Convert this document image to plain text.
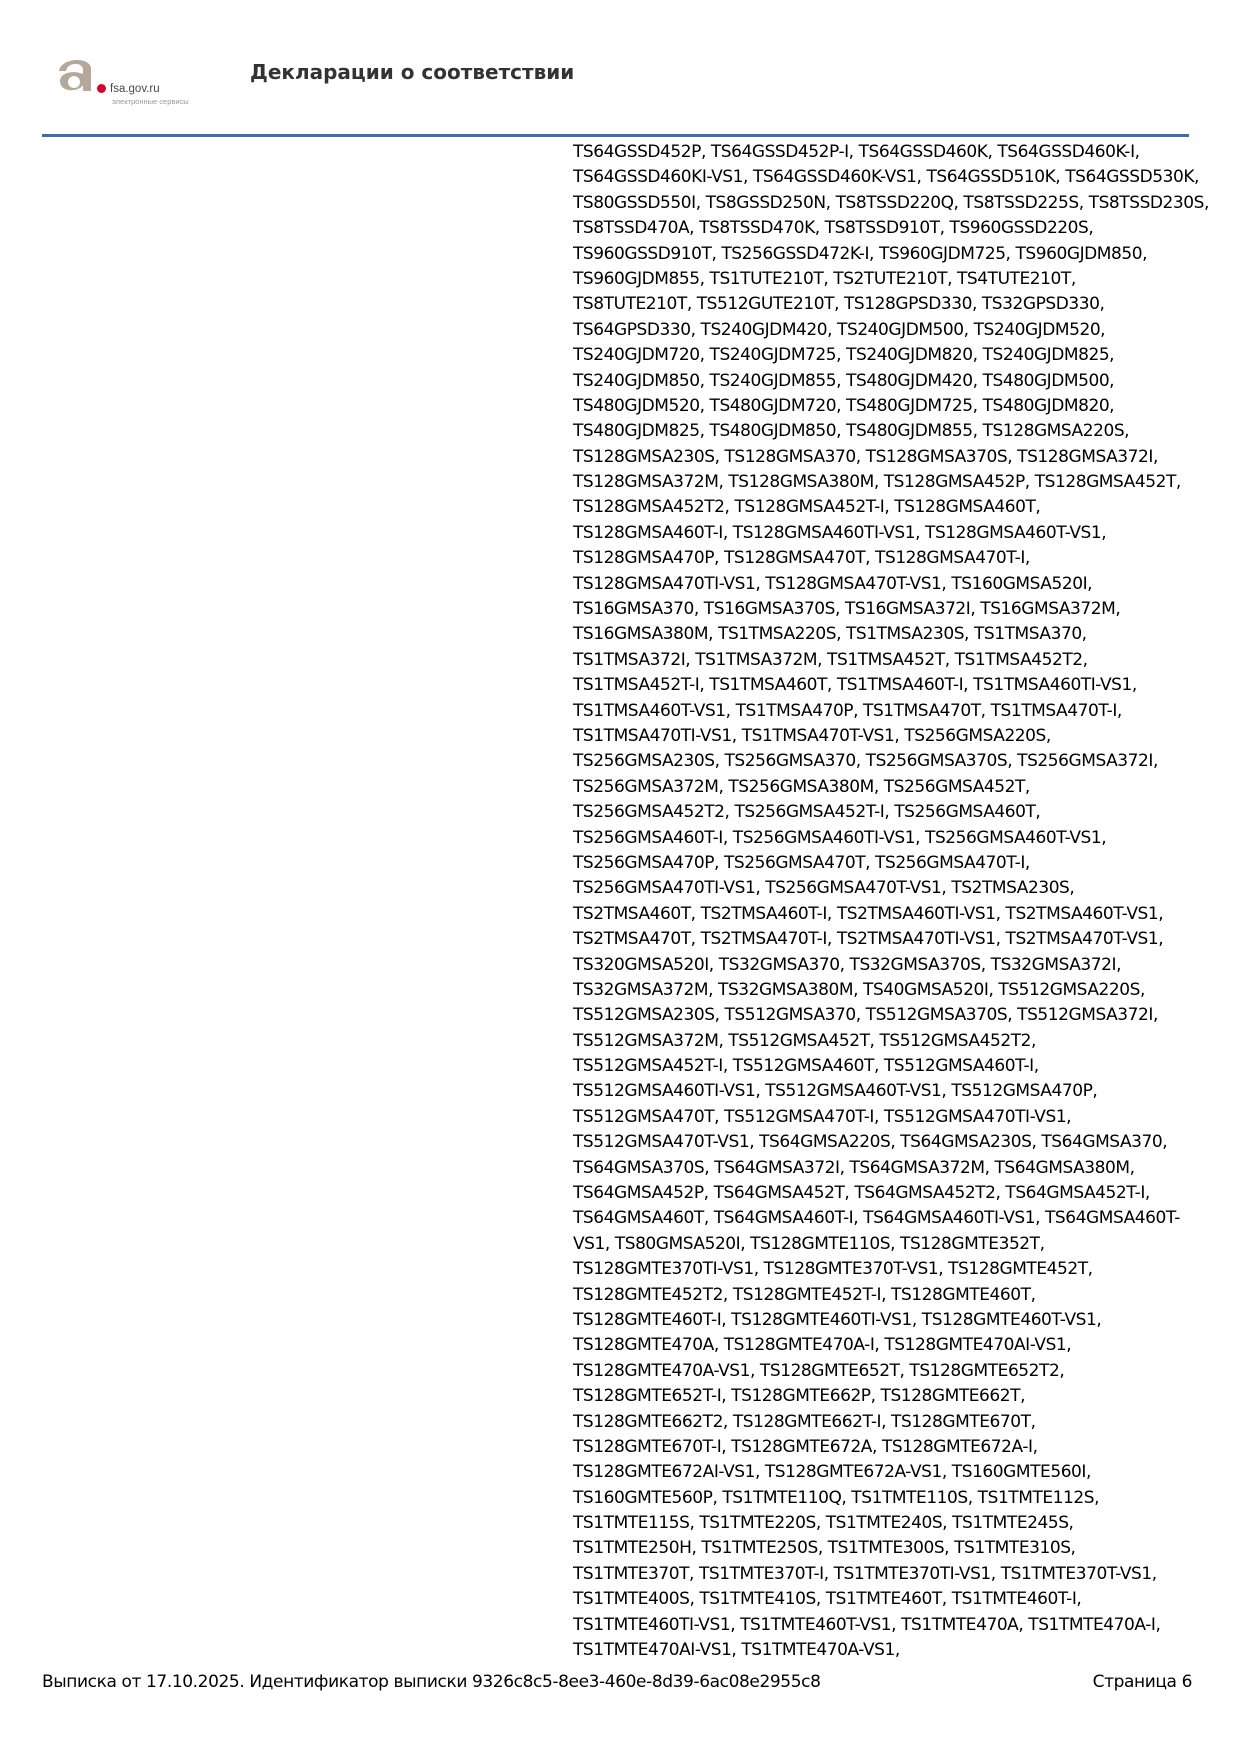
fsa.gov.ru
электронные сервисы
Декларации о соответствии
TS64GSSD452P, TS64GSSD452P-I, TS64GSSD460K, TS64GSSD460K-I,
TS64GSSD460KI-VS1, TS64GSSD460K-VS1, TS64GSSD510K, TS64GSSD530K,
TS80GSSD550I, TS8GSSD250N, TS8TSSD220Q, TS8TSSD225S, TS8TSSD230S,
TS8TSSD470A, TS8TSSD470K, TS8TSSD910T, TS960GSSD220S,
TS960GSSD910T, TS256GSSD472K-I, TS960GJDM725, TS960GJDM850,
TS960GJDM855, TS1TUTE210T, TS2TUTE210T, TS4TUTE210T,
TS8TUTE210T, TS512GUTE210T, TS128GPSD330, TS32GPSD330,
TS64GPSD330, TS240GJDM420, TS240GJDM500, TS240GJDM520,
TS240GJDM720, TS240GJDM725, TS240GJDM820, TS240GJDM825,
TS240GJDM850, TS240GJDM855, TS480GJDM420, TS480GJDM500,
TS480GJDM520, TS480GJDM720, TS480GJDM725, TS480GJDM820,
TS480GJDM825, TS480GJDM850, TS480GJDM855, TS128GMSA220S,
TS128GMSA230S, TS128GMSA370, TS128GMSA370S, TS128GMSA372I,
TS128GMSA372M, TS128GMSA380M, TS128GMSA452P, TS128GMSA452T,
TS128GMSA452T2, TS128GMSA452T-I, TS128GMSA460T,
TS128GMSA460T-I, TS128GMSA460TI-VS1, TS128GMSA460T-VS1,
TS128GMSA470P, TS128GMSA470T, TS128GMSA470T-I,
TS128GMSA470TI-VS1, TS128GMSA470T-VS1, TS160GMSA520I,
TS16GMSA370, TS16GMSA370S, TS16GMSA372I, TS16GMSA372M,
TS16GMSA380M, TS1TMSA220S, TS1TMSA230S, TS1TMSA370,
TS1TMSA372I, TS1TMSA372M, TS1TMSA452T, TS1TMSA452T2,
TS1TMSA452T-I, TS1TMSA460T, TS1TMSA460T-I, TS1TMSA460TI-VS1,
TS1TMSA460T-VS1, TS1TMSA470P, TS1TMSA470T, TS1TMSA470T-I,
TS1TMSA470TI-VS1, TS1TMSA470T-VS1, TS256GMSA220S,
TS256GMSA230S, TS256GMSA370, TS256GMSA370S, TS256GMSA372I,
TS256GMSA372M, TS256GMSA380M, TS256GMSA452T,
TS256GMSA452T2, TS256GMSA452T-I, TS256GMSA460T,
TS256GMSA460T-I, TS256GMSA460TI-VS1, TS256GMSA460T-VS1,
TS256GMSA470P, TS256GMSA470T, TS256GMSA470T-I,
TS256GMSA470TI-VS1, TS256GMSA470T-VS1, TS2TMSA230S,
TS2TMSA460T, TS2TMSA460T-I, TS2TMSA460TI-VS1, TS2TMSA460T-VS1,
TS2TMSA470T, TS2TMSA470T-I, TS2TMSA470TI-VS1, TS2TMSA470T-VS1,
TS320GMSA520I, TS32GMSA370, TS32GMSA370S, TS32GMSA372I,
TS32GMSA372M, TS32GMSA380M, TS40GMSA520I, TS512GMSA220S,
TS512GMSA230S, TS512GMSA370, TS512GMSA370S, TS512GMSA372I,
TS512GMSA372M, TS512GMSA452T, TS512GMSA452T2,
TS512GMSA452T-I, TS512GMSA460T, TS512GMSA460T-I,
TS512GMSA460TI-VS1, TS512GMSA460T-VS1, TS512GMSA470P,
TS512GMSA470T, TS512GMSA470T-I, TS512GMSA470TI-VS1,
TS512GMSA470T-VS1, TS64GMSA220S, TS64GMSA230S, TS64GMSA370,
TS64GMSA370S, TS64GMSA372I, TS64GMSA372M, TS64GMSA380M,
TS64GMSA452P, TS64GMSA452T, TS64GMSA452T2, TS64GMSA452T-I,
TS64GMSA460T, TS64GMSA460T-I, TS64GMSA460TI-VS1, TS64GMSA460T-
VS1, TS80GMSA520I, TS128GMTE110S, TS128GMTE352T,
TS128GMTE370TI-VS1, TS128GMTE370T-VS1, TS128GMTE452T,
TS128GMTE452T2, TS128GMTE452T-I, TS128GMTE460T,
TS128GMTE460T-I, TS128GMTE460TI-VS1, TS128GMTE460T-VS1,
TS128GMTE470A, TS128GMTE470A-I, TS128GMTE470AI-VS1,
TS128GMTE470A-VS1, TS128GMTE652T, TS128GMTE652T2,
TS128GMTE652T-I, TS128GMTE662P, TS128GMTE662T,
TS128GMTE662T2, TS128GMTE662T-I, TS128GMTE670T,
TS128GMTE670T-I, TS128GMTE672A, TS128GMTE672A-I,
TS128GMTE672AI-VS1, TS128GMTE672A-VS1, TS160GMTE560I,
TS160GMTE560P, TS1TMTE110Q, TS1TMTE110S, TS1TMTE112S,
TS1TMTE115S, TS1TMTE220S, TS1TMTE240S, TS1TMTE245S,
TS1TMTE250H, TS1TMTE250S, TS1TMTE300S, TS1TMTE310S,
TS1TMTE370T, TS1TMTE370T-I, TS1TMTE370TI-VS1, TS1TMTE370T-VS1,
TS1TMTE400S, TS1TMTE410S, TS1TMTE460T, TS1TMTE460T-I,
TS1TMTE460TI-VS1, TS1TMTE460T-VS1, TS1TMTE470A, TS1TMTE470A-I,
TS1TMTE470AI-VS1, TS1TMTE470A-VS1,
Выписка от 17.10.2025. Идентификатор выписки 9326c8c5-8ee3-460e-8d39-6ac08e2955c8	Страница 6
